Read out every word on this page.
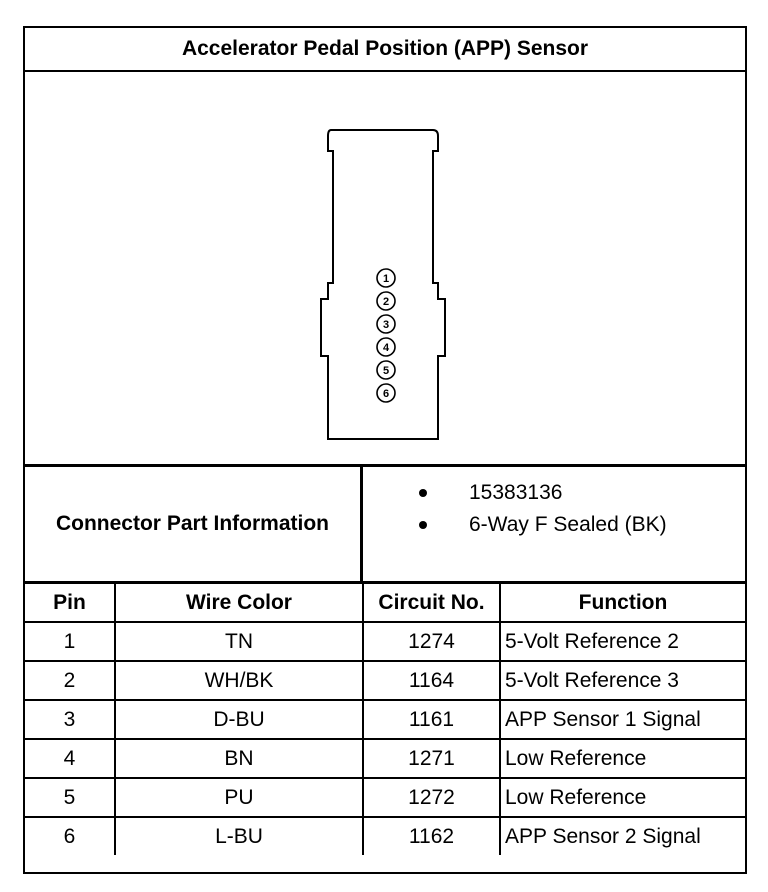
Accelerator Pedal Position (APP) Sensor
1
2
3
4
5
6
Connector Part Information
15383136
6-Way F Sealed (BK)
Pin	Wire Color	Circuit No.	Function
1	TN	1274	5-Volt Reference 2
2	WH/BK	1164	5-Volt Reference 3
3	D-BU	1161	APP Sensor 1 Signal
4	BN	1271	Low Reference
5	PU	1272	Low Reference
6	L-BU	1162	APP Sensor 2 Signal
